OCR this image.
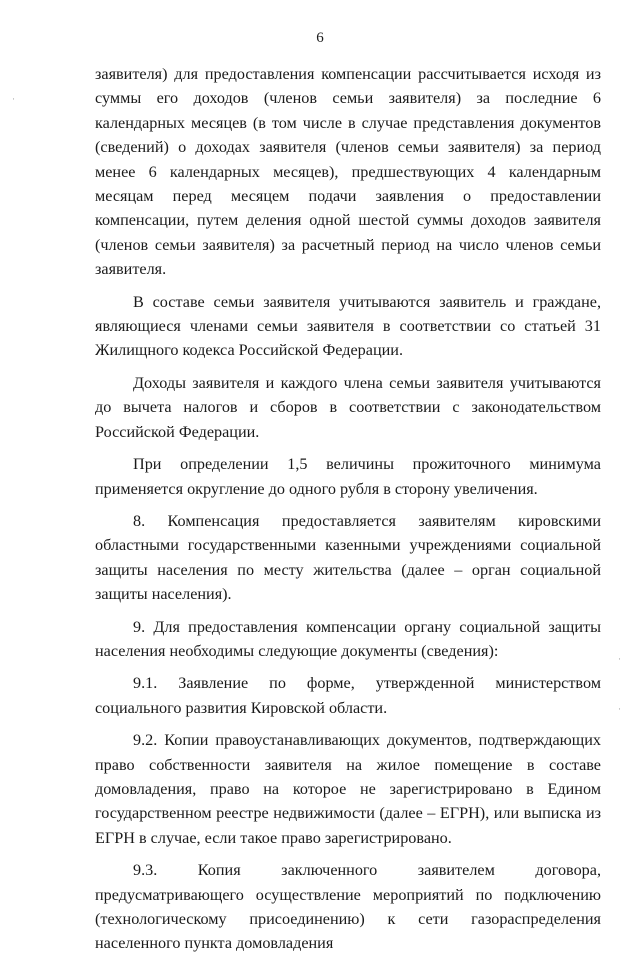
6

заявителя) для предоставления компенсации рассчитывается исходя из суммы его доходов (членов семьи заявителя) за последние 6 календарных месяцев (в том числе в случае представления документов (сведений) о доходах заявителя (членов семьи заявителя) за период менее 6 календарных месяцев), предшествующих 4 календарным месяцам перед месяцем подачи заявления о предоставлении компенсации, путем деления одной шестой суммы доходов заявителя (членов семьи заявителя) за расчетный период на число членов семьи заявителя.

В составе семьи заявителя учитываются заявитель и граждане, являющиеся членами семьи заявителя в соответствии со статьей 31 Жилищного кодекса Российской Федерации.

Доходы заявителя и каждого члена семьи заявителя учитываются до вычета налогов и сборов в соответствии с законодательством Российской Федерации.

При определении 1,5 величины прожиточного минимума применяется округление до одного рубля в сторону увеличения.

8. Компенсация предоставляется заявителям кировскими областными государственными казенными учреждениями социальной защиты населения по месту жительства (далее – орган социальной защиты населения).

9. Для предоставления компенсации органу социальной защиты населения необходимы следующие документы (сведения):

9.1. Заявление по форме, утвержденной министерством социального развития Кировской области.

9.2. Копии правоустанавливающих документов, подтверждающих право собственности заявителя на жилое помещение в составе домовладения, право на которое не зарегистрировано в Едином государственном реестре недвижимости (далее – ЕГРН), или выписка из ЕГРН в случае, если такое право зарегистрировано.

9.3. Копия заключенного заявителем договора, предусматривающего осуществление мероприятий по подключению (технологическому присоединению) к сети газораспределения населенного пункта домовладения

·
·
·
